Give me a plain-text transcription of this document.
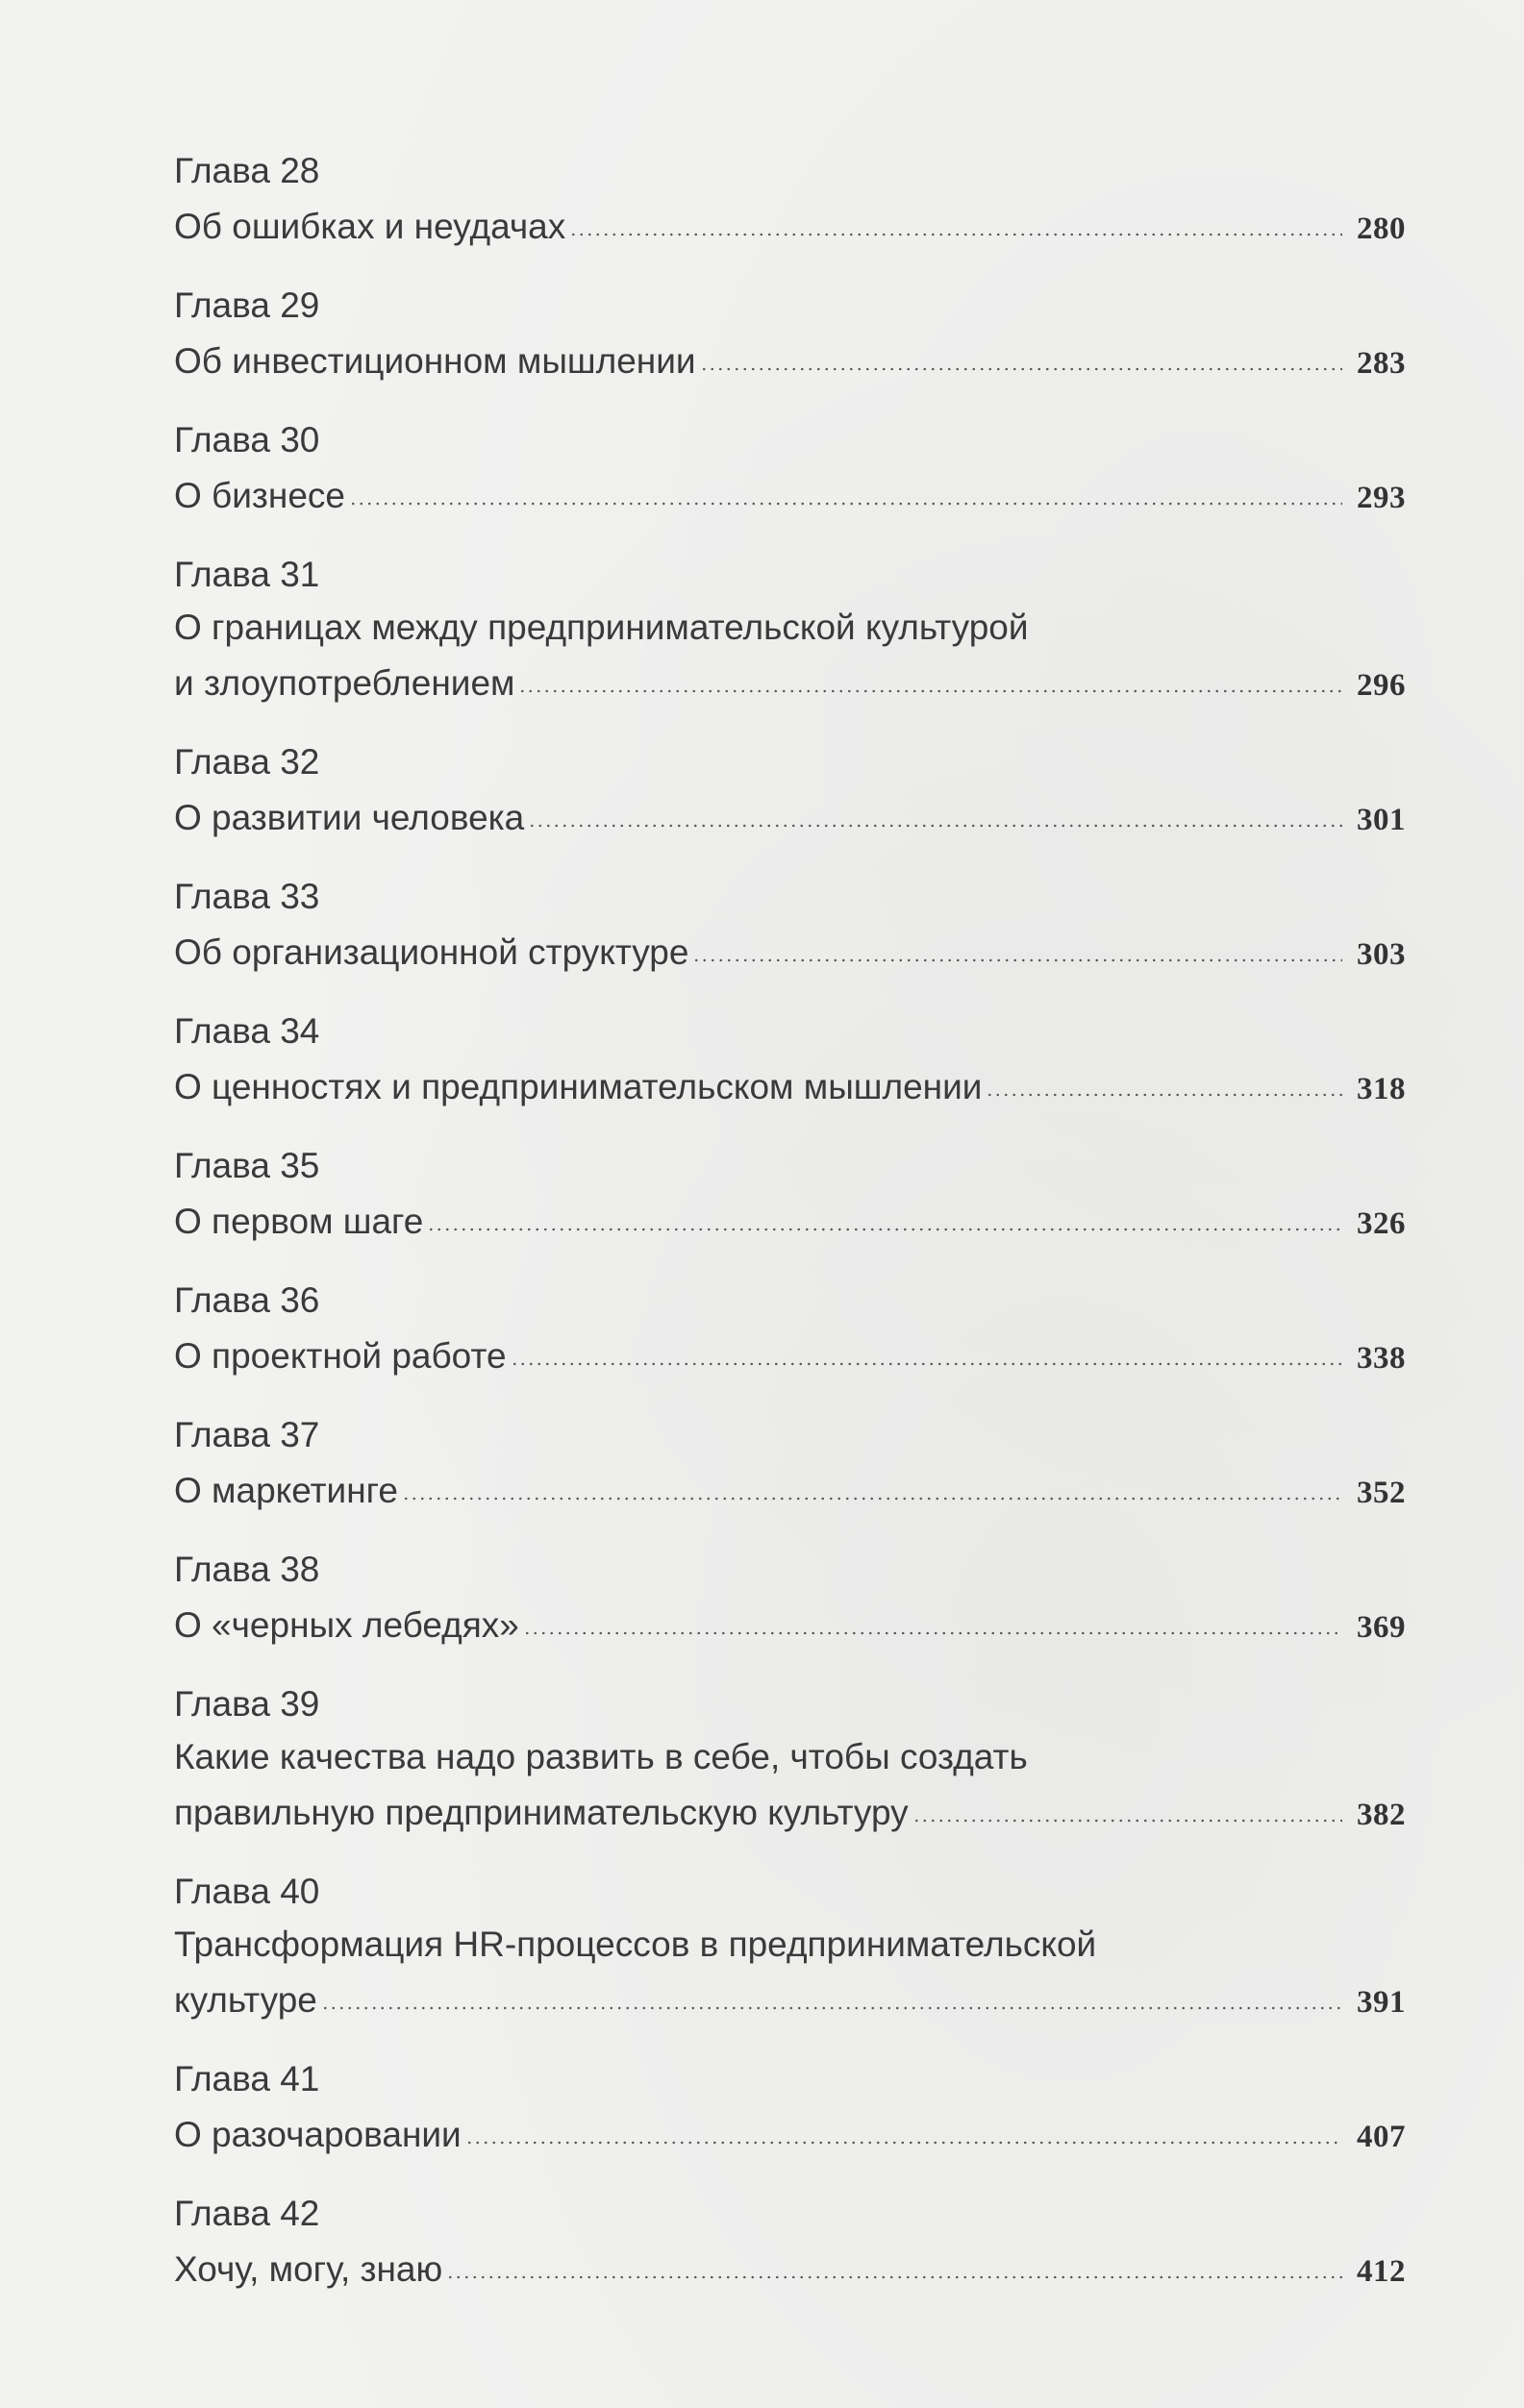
Глава 28
Об ошибках и неудачах	280
Глава 29
Об инвестиционном мышлении	283
Глава 30
О бизнесе	293
Глава 31
О границах между предпринимательской культурой
и злоупотреблением	296
Глава 32
О развитии человека	301
Глава 33
Об организационной структуре	303
Глава 34
О ценностях и предпринимательском мышлении	318
Глава 35
О первом шаге	326
Глава 36
О проектной работе	338
Глава 37
О маркетинге	352
Глава 38
О «черных лебедях»	369
Глава 39
Какие качества надо развить в себе, чтобы создать
правильную предпринимательскую культуру	382
Глава 40
Трансформация HR-процессов в предпринимательской
культуре	391
Глава 41
О разочаровании	407
Глава 42
Хочу, могу, знаю	412
